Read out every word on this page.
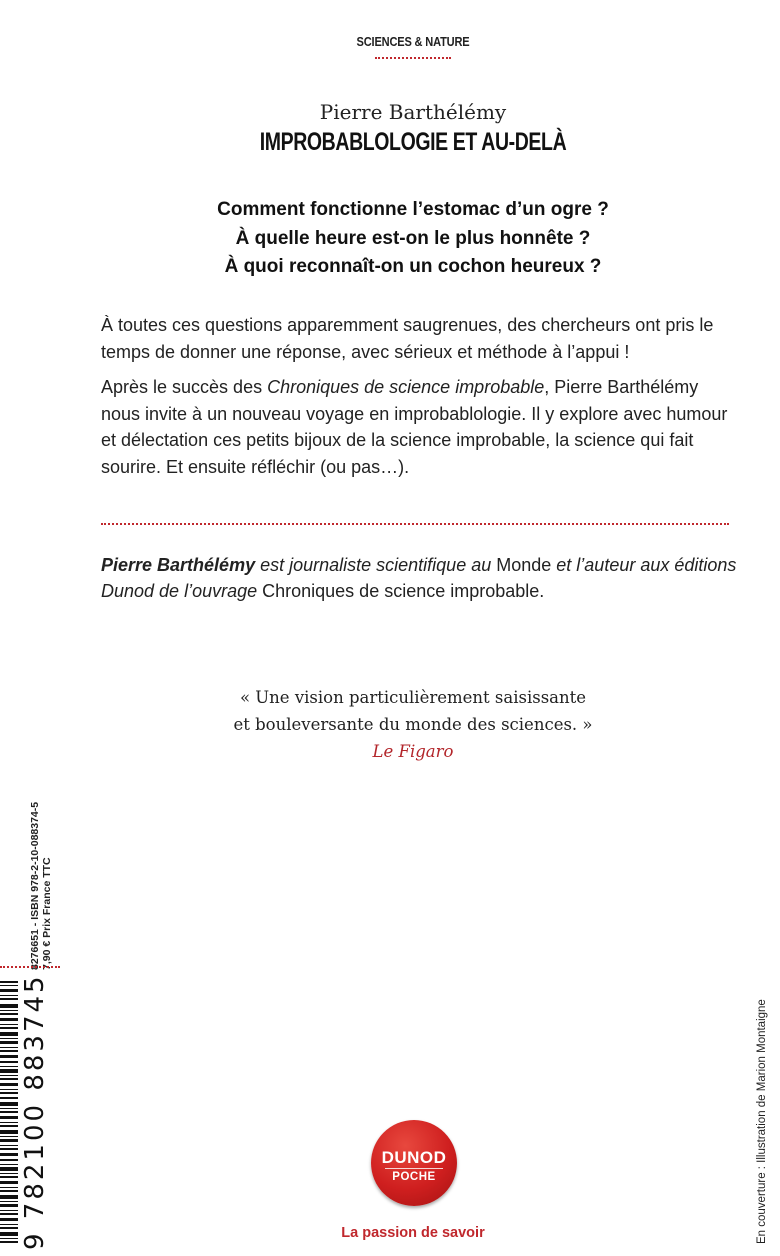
SCIENCES & NATURE
Pierre Barthélémy
IMPROBABLOLOGIE ET AU-DELÀ
Comment fonctionne l’estomac d’un ogre ?
À quelle heure est-on le plus honnête ?
À quoi reconnaît-on un cochon heureux ?

À toutes ces questions apparemment saugrenues, des chercheurs ont pris le temps de donner une réponse, avec sérieux et méthode à l’appui !

Après le succès des Chroniques de science improbable, Pierre Barthélémy nous invite à un nouveau voyage en improbablologie. Il y explore avec humour et délectation ces petits bijoux de la science improbable, la science qui fait sourire. Et ensuite réfléchir (ou pas…).

Pierre Barthélémy est journaliste scientifique au Monde et l’auteur aux éditions Dunod de l’ouvrage Chroniques de science improbable.
« Une vision particulièrement saisissante
et bouleversante du monde des sciences. »
Le Figaro
8276651 - ISBN 978-2-10-088374-5 7,90 € Prix France TTC
9 782100 883745	En couverture : Illustration de Marion Montaigne
DUNOD
POCHE
La passion de savoir
